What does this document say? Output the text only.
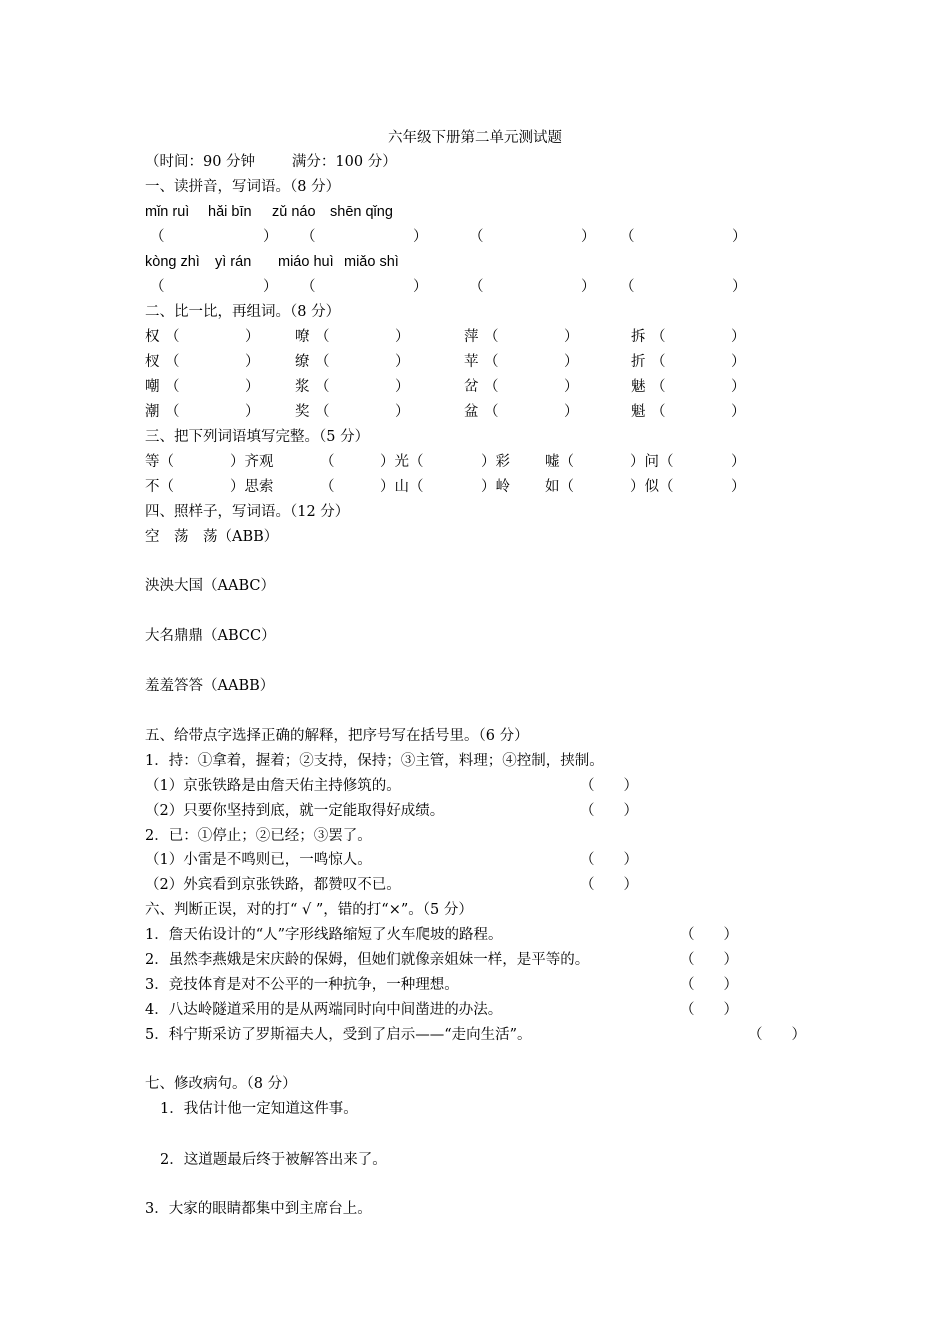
六年级下册第二单元测试题
（时间：90 分钟        满分：100 分）
一、读拼音，写词语。（8 分）
mǐn ruì hǎi bīn zǔ náo shēn qǐng
（	） （	）	（	） （	）
kòng zhì yì rán miáo huì miǎo shì
（	） （	）	（	） （	）
二、比一比，再组词。（8 分）
权 （	） 嘹 （	）	萍 （	）	拆 （	）
杈 （	） 缭 （	）	苹 （	）	折 （	）
嘲 （	） 浆 （	）	岔 （	）	魅 （	）
潮 （	） 奖 （	）	盆 （	）	魁 （	）
三、把下列词语填写完整。（5 分）
等（	）齐观	（	）光（	）彩 嘘（	）问（	）
不（	）思索	（	）山（	）岭 如（	）似（	）
四、照样子，写词语。（12 分）
空　荡　荡（ABB）
泱泱大国（AABC）
大名鼎鼎（ABCC）
羞羞答答（AABB）
五、给带点字选择正确的解释，把序号写在括号里。（6 分）
1．持：①拿着，握着；②支持，保持；③主管，料理；④控制，挟制。
（1）京张铁路是由詹天佑主持修筑的。	（　　）
（2）只要你坚持到底，就一定能取得好成绩。	（　　）
2．已：①停止；②已经；③罢了。
（1）小雷是不鸣则已，一鸣惊人。	（　　）
（2）外宾看到京张铁路，都赞叹不已。	（　　）
六、判断正误，对的打“ √ ”，错的打“×”。（5 分）
1．詹天佑设计的“人”字形线路缩短了火车爬坡的路程。	（　　）
2．虽然李燕娥是宋庆龄的保姆，但她们就像亲姐妹一样，是平等的。	（　　）
3．竞技体育是对不公平的一种抗争，一种理想。	（　　）
4．八达岭隧道采用的是从两端同时向中间凿进的办法。	（　　）
5．科宁斯采访了罗斯福夫人，受到了启示——“走向生活”。	（　　）
七、修改病句。（8 分）
1．我估计他一定知道这件事。
2．这道题最后终于被解答出来了。
3．大家的眼睛都集中到主席台上。
